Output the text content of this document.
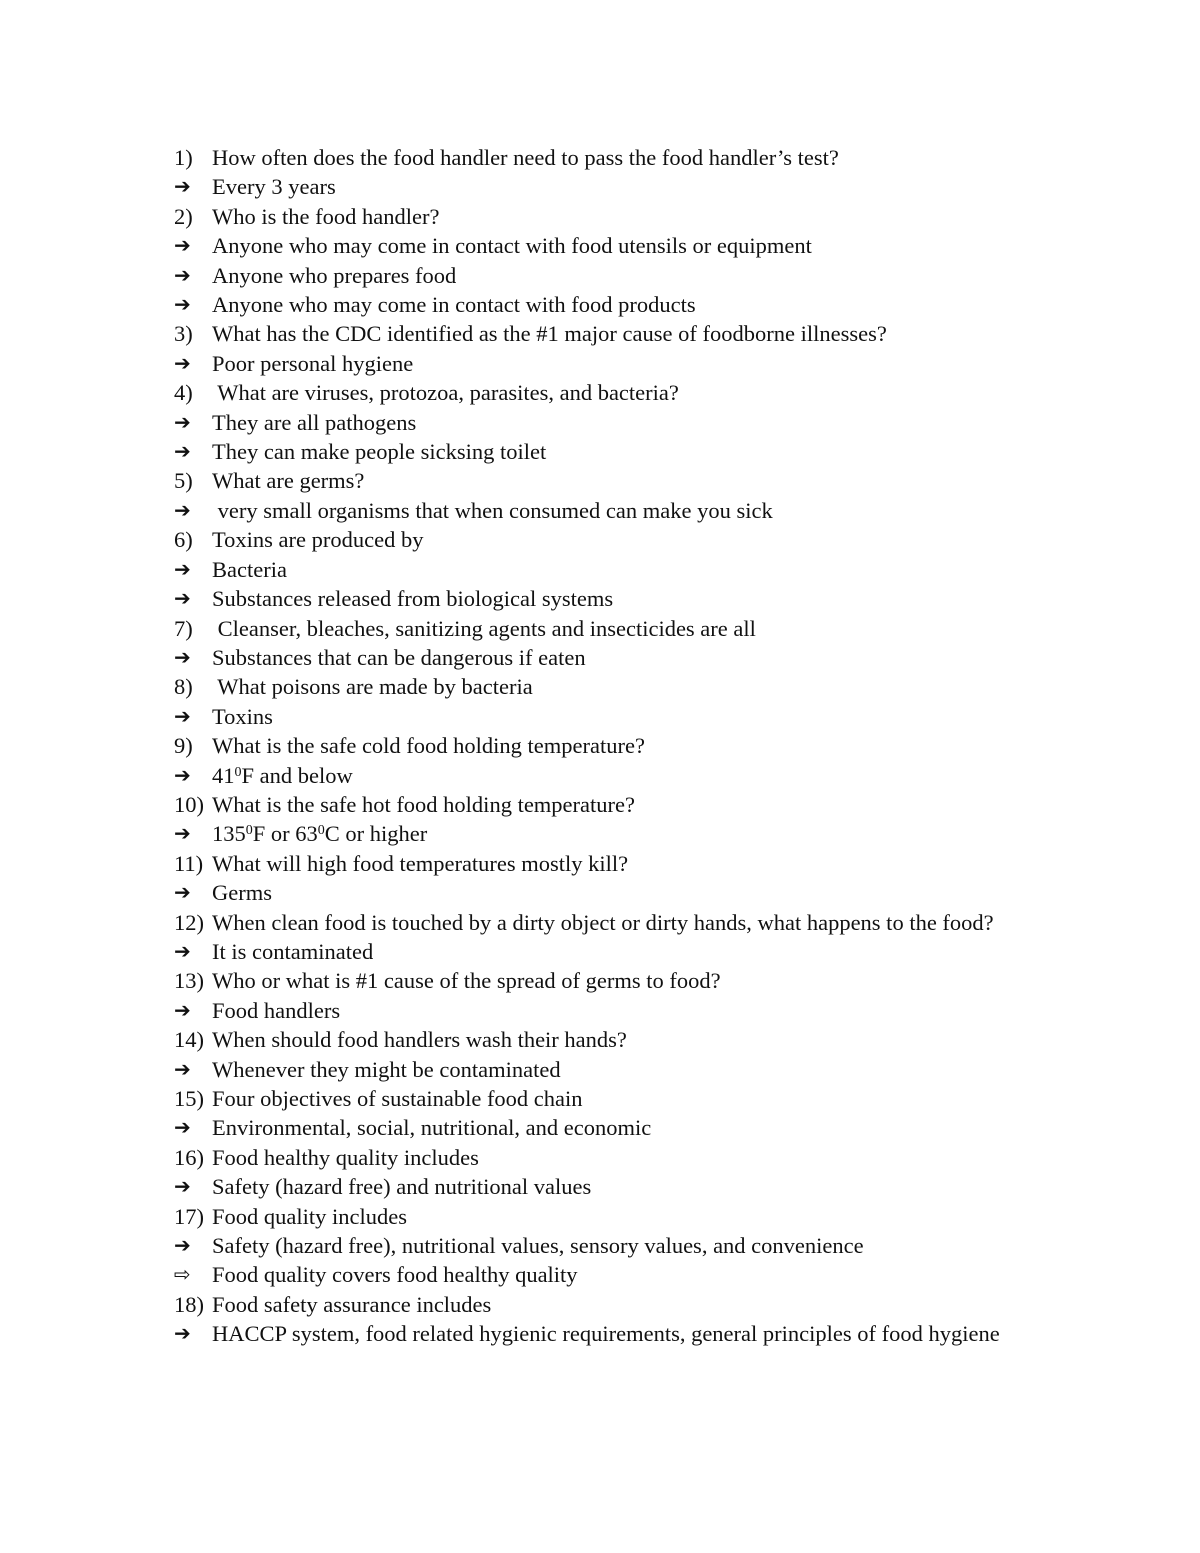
1) How often does the food handler need to pass the food handler’s test?
➔ Every 3 years
2) Who is the food handler?
➔ Anyone who may come in contact with food utensils or equipment
➔ Anyone who prepares food
➔ Anyone who may come in contact with food products
3) What has the CDC identified as the #1 major cause of foodborne illnesses?
➔ Poor personal hygiene
4) What are viruses, protozoa, parasites, and bacteria?
➔ They are all pathogens
➔ They can make people sicksing toilet
5) What are germs?
➔ very small organisms that when consumed can make you sick
6) Toxins are produced by
➔ Bacteria
➔ Substances released from biological systems
7) Cleanser, bleaches, sanitizing agents and insecticides are all
➔ Substances that can be dangerous if eaten
8) What poisons are made by bacteria
➔ Toxins
9) What is the safe cold food holding temperature?
➔ $41^0F$ and below
10) What is the safe hot food holding temperature?
➔ $135^0F$ or $63^0C$ or higher
11) What will high food temperatures mostly kill?
➔ Germs
12) When clean food is touched by a dirty object or dirty hands, what happens to the food?
➔ It is contaminated
13) Who or what is #1 cause of the spread of germs to food?
➔ Food handlers
14) When should food handlers wash their hands?
➔ Whenever they might be contaminated
15) Four objectives of sustainable food chain
➔ Environmental, social, nutritional, and economic
16) Food healthy quality includes
➔ Safety (hazard free) and nutritional values
17) Food quality includes
➔ Safety (hazard free), nutritional values, sensory values, and convenience
⇨ Food quality covers food healthy quality
18) Food safety assurance includes
➔ HACCP system, food related hygienic requirements, general principles of food hygiene
